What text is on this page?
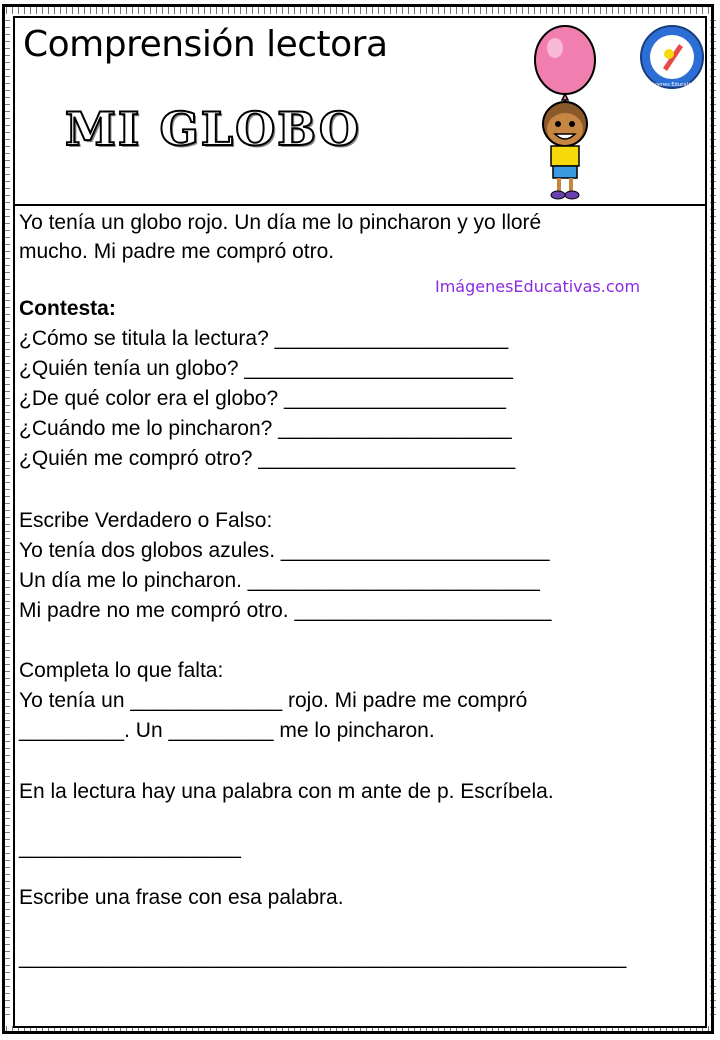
Comprensión lectora
MI GLOBO
Imágenes Educativas
ImágenesEducativas.com
Yo tenía un globo rojo. Un día me lo pincharon y yo lloré
mucho. Mi padre me compró otro.
Contesta:
¿Cómo se titula la lectura? ____________________
¿Quién tenía un globo? _______________________
¿De qué color era el globo? ___________________
¿Cuándo me lo pincharon? ____________________
¿Quién me compró otro? ______________________
Escribe Verdadero o Falso:
Yo tenía dos globos azules. _______________________
Un día me lo pincharon. _________________________
Mi padre no me compró otro. ______________________
Completa lo que falta:
Yo tenía un _____________ rojo. Mi padre me compró
_________. Un _________ me lo pincharon.
En la lectura hay una palabra con m ante de p. Escríbela.
___________________
Escribe una frase con esa palabra.
____________________________________________________
